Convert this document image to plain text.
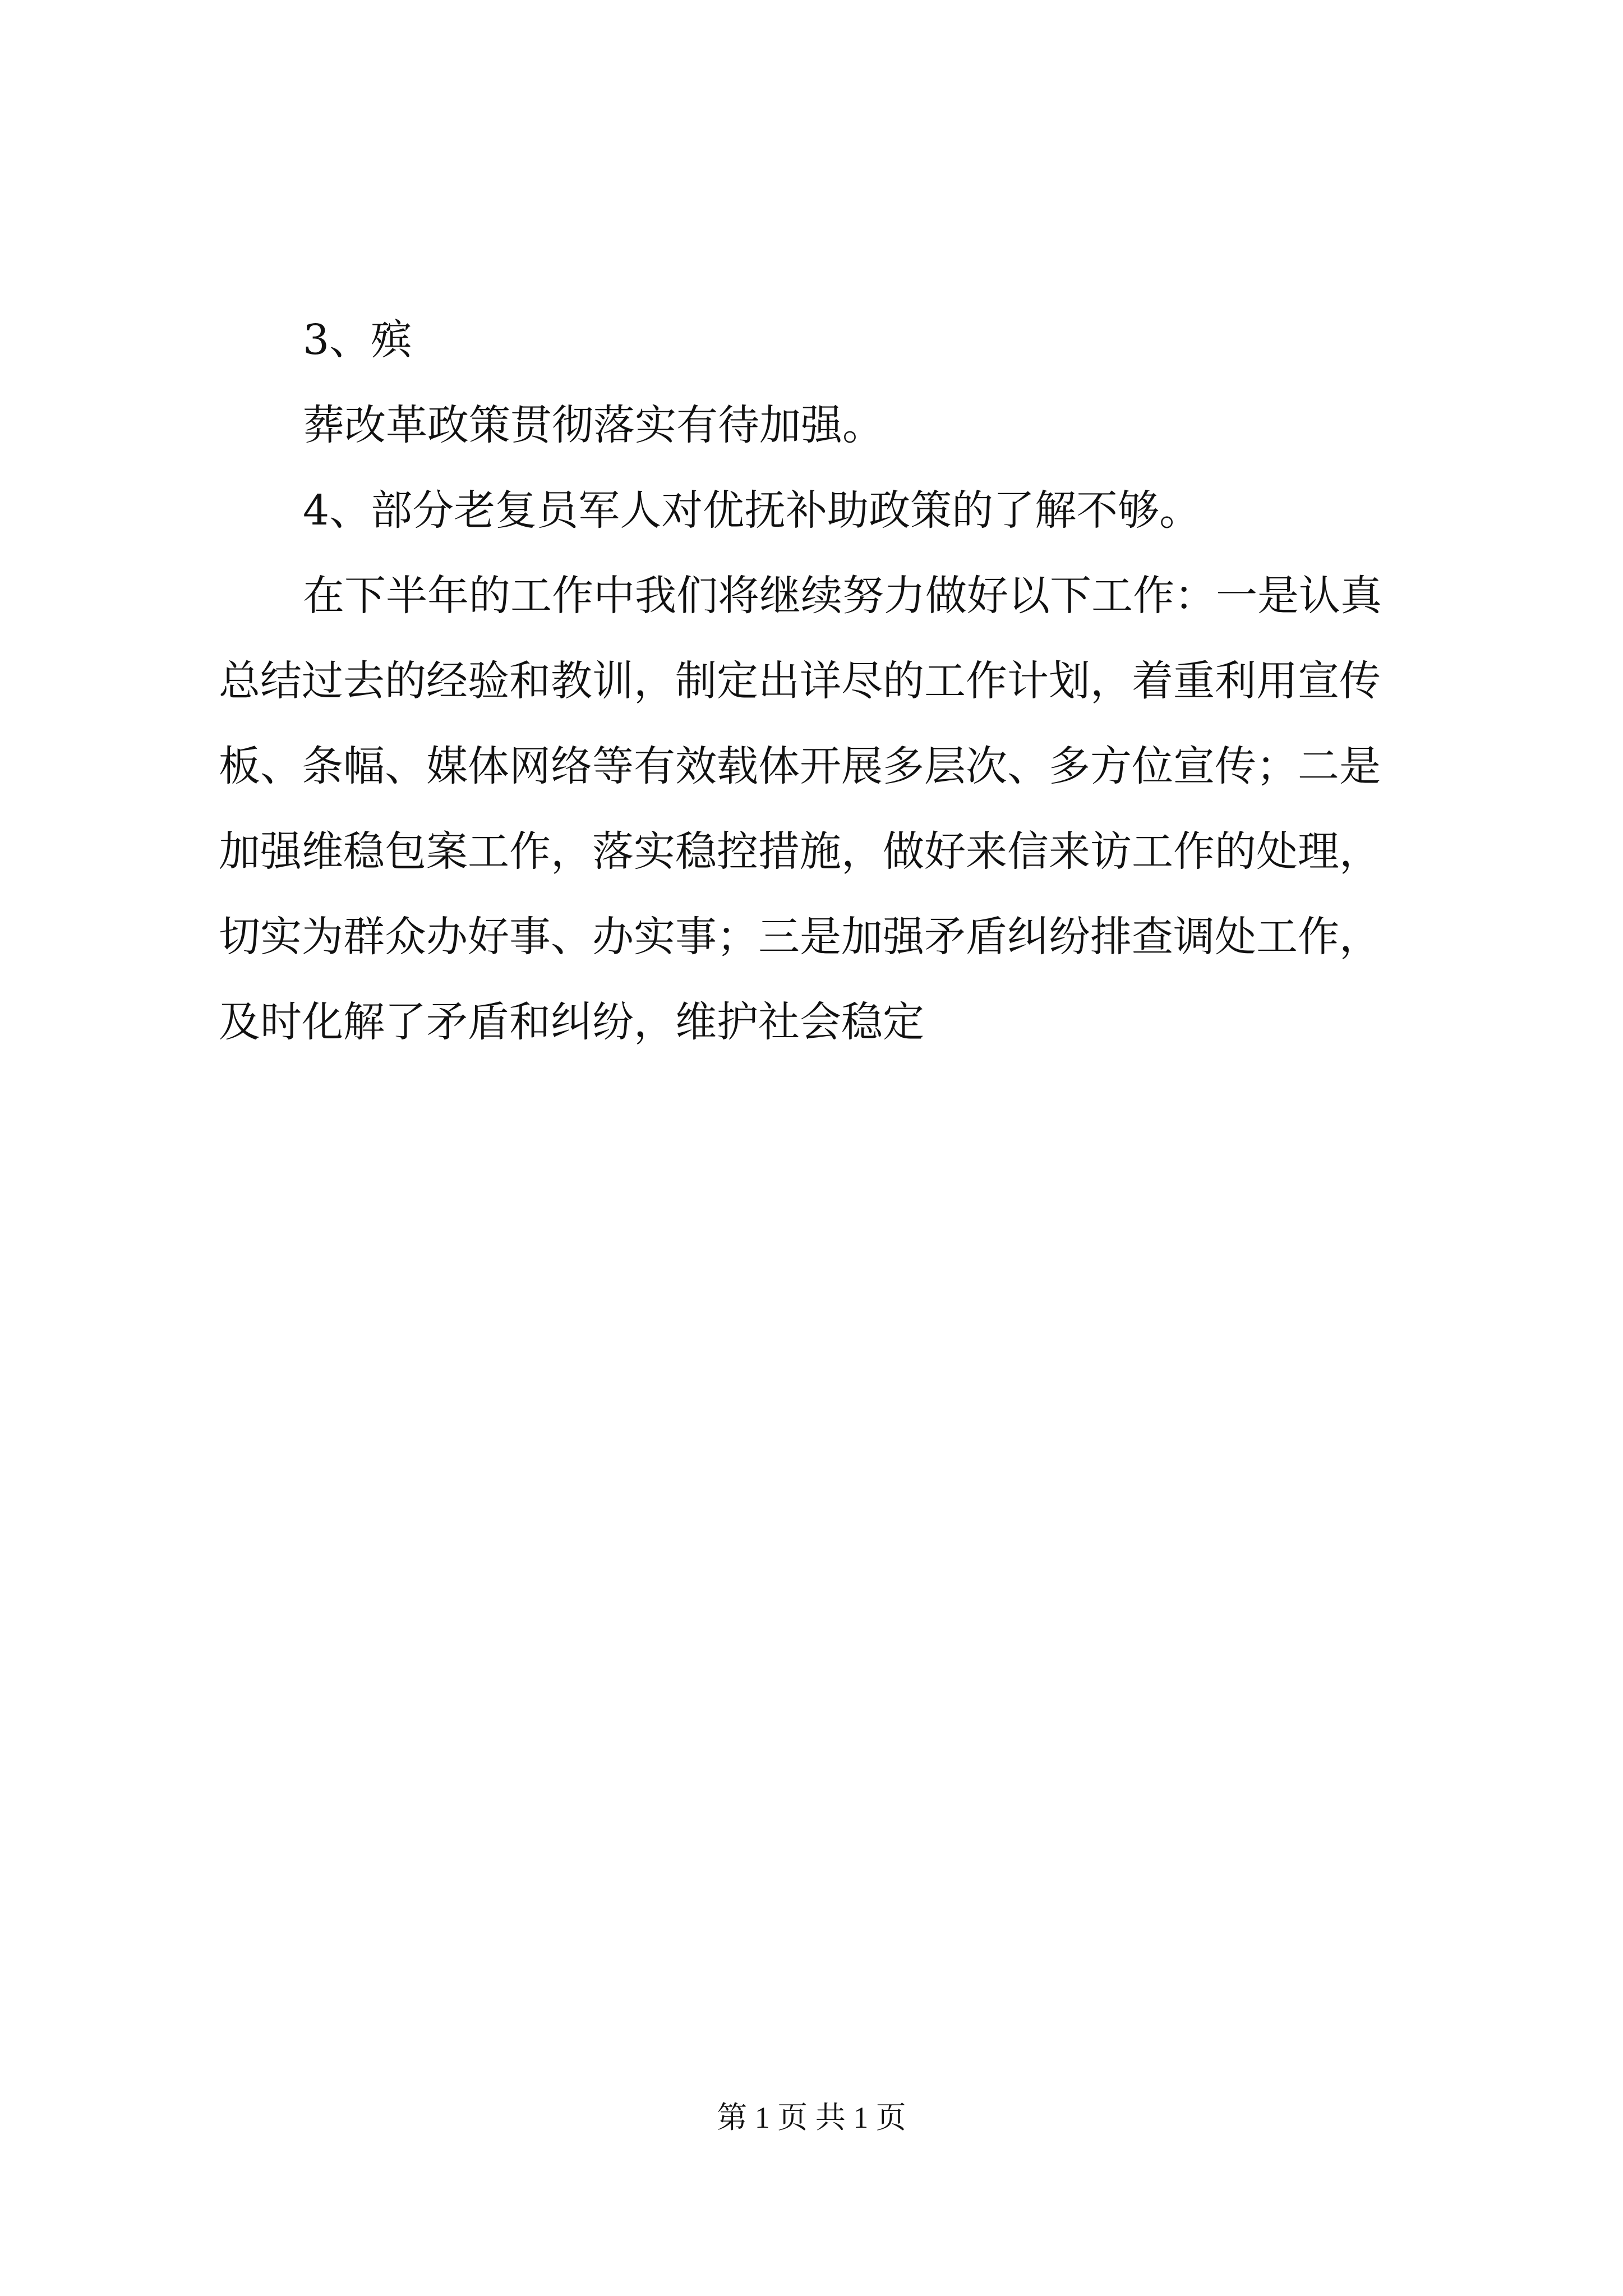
3、殡
葬改革政策贯彻落实有待加强。
4、部分老复员军人对优抚补助政策的了解不够。
在下半年的工作中我们将继续努力做好以下工作：一是认真
总结过去的经验和教训，制定出详尽的工作计划，着重利用宣传
板、条幅、媒体网络等有效载体开展多层次、多方位宣传；二是
加强维稳包案工作，落实稳控措施，做好来信来访工作的处理，
切实为群众办好事、办实事；三是加强矛盾纠纷排查调处工作，
及时化解了矛盾和纠纷，维护社会稳定
第 1 页 共 1 页
